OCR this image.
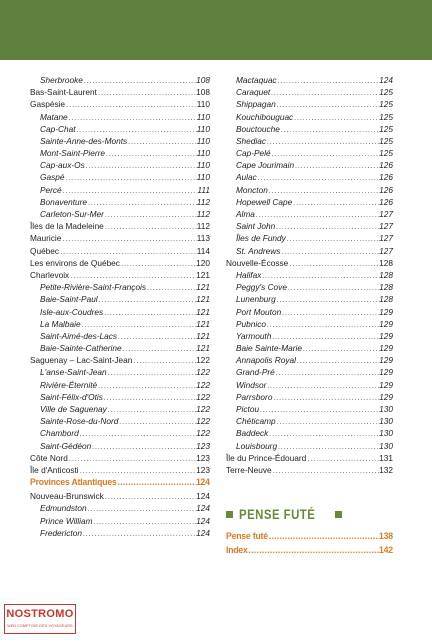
Sherbrooke .....	108
Bas-Saint-Laurent .....	108
Gaspésie .....	110
Matane .....	110
Cap-Chat .....	110
Sainte-Anne-des-Monts .....	110
Mont-Saint-Pierre .....	110
Cap-aux-Os .....	110
Gaspé .....	110
Percé .....	111
Bonaventure .....	112
Carleton-Sur-Mer .....	112
Îles de la Madeleine .....	112
Mauricie .....	113
Québec .....	114
Les environs de Québec .....	120
Charlevoix .....	121
Petite-Rivière-Saint-François .....	121
Baie-Saint-Paul .....	121
Isle-aux-Coudres .....	121
La Malbaie .....	121
Saint-Aimé-des-Lacs .....	121
Baie-Sainte-Catherine .....	121
Saguenay – Lac-Saint-Jean .....	122
L'anse-Saint-Jean .....	122
Rivière-Éternité .....	122
Saint-Félix-d'Otis .....	122
Ville de Saguenay .....	122
Sainte-Rose-du-Nord .....	122
Chambord .....	122
Saint-Gédéon .....	123
Côte Nord .....	123
Île d'Anticosti .....	123
Provinces Atlantiques .....	124
Nouveau-Brunswick .....	124
Edmundston .....	124
Prince William .....	124
Fredericton .....	124
Mactaquac .....	124
Caraquet .....	125
Shippagan .....	125
Kouchibouguac .....	125
Bouctouche .....	125
Shediac .....	125
Cap-Pelé .....	125
Cape Jourimain .....	126
Aulac .....	126
Moncton .....	126
Hopewell Cape .....	126
Alma .....	127
Saint John .....	127
Îles de Fundy .....	127
St. Andrews .....	127
Nouvelle-Écosse .....	128
Halifax .....	128
Peggy's Cove .....	128
Lunenburg .....	128
Port Mouton .....	129
Pubnico .....	129
Yarmouth .....	129
Baie Sainte-Marie .....	129
Annapolis Royal .....	129
Grand-Pré .....	129
Windsor .....	129
Parrsboro .....	129
Pictou .....	130
Chéticamp .....	130
Baddeck .....	130
Louisbourg .....	130
Île du Prince-Édouard .....	131
Terre-Neuve .....	132
PENSE FUTÉ
Pense futé .....	138
Index .....	142
NOSTROMO
WEB COMPTOIR DES VOYAGEURS
